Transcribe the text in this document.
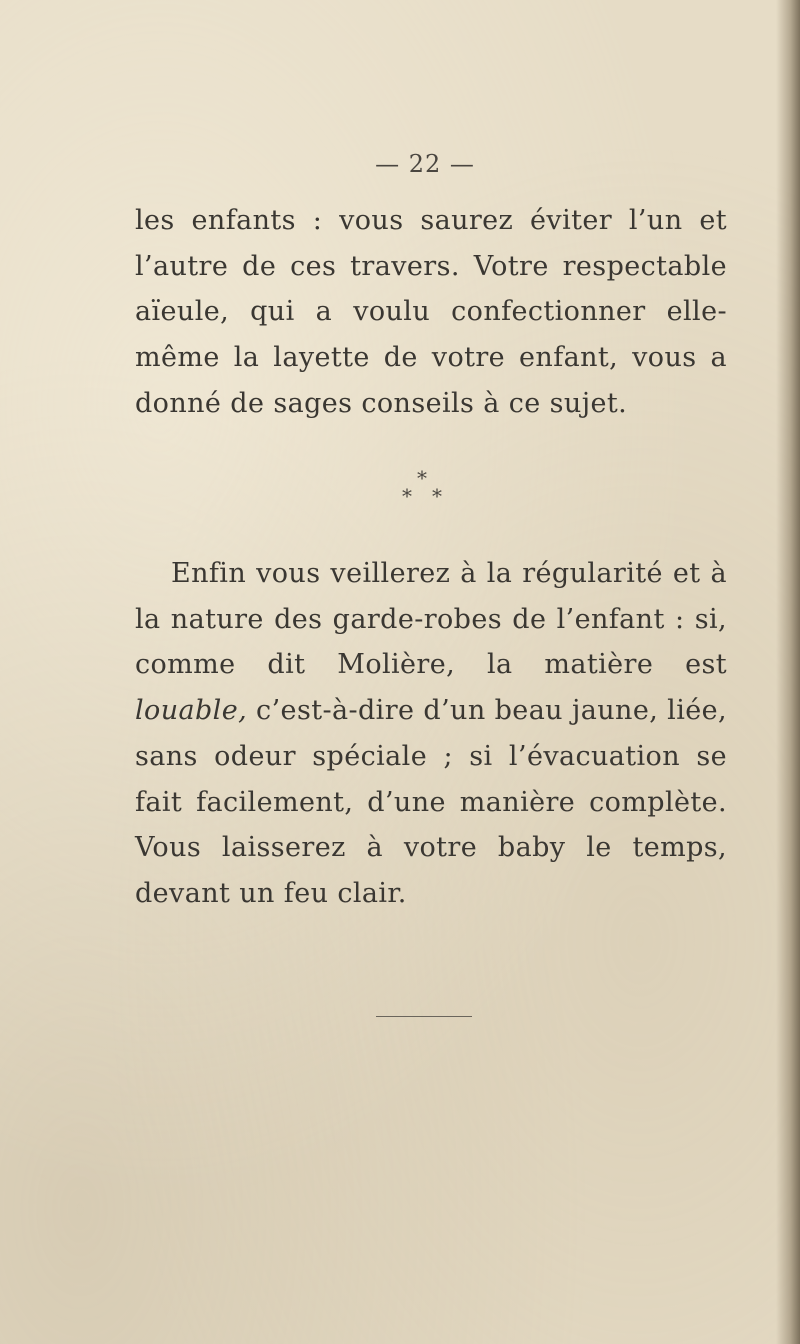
— 22 —

les enfants : vous saurez éviter l’un et l’autre de ces travers. Votre respectable aïeule, qui a voulu confectionner elle-même la layette de votre enfant, vous a donné de sages conseils à ce sujet.

*
* *

Enfin vous veillerez à la régularité et à la nature des garde-robes de l’enfant : si, comme dit Molière, la matière est louable, c’est-à-dire d’un beau jaune, liée, sans odeur spéciale ; si l’évacuation se fait facilement, d’une manière complète. Vous laisserez à votre baby le temps, devant un feu clair.
